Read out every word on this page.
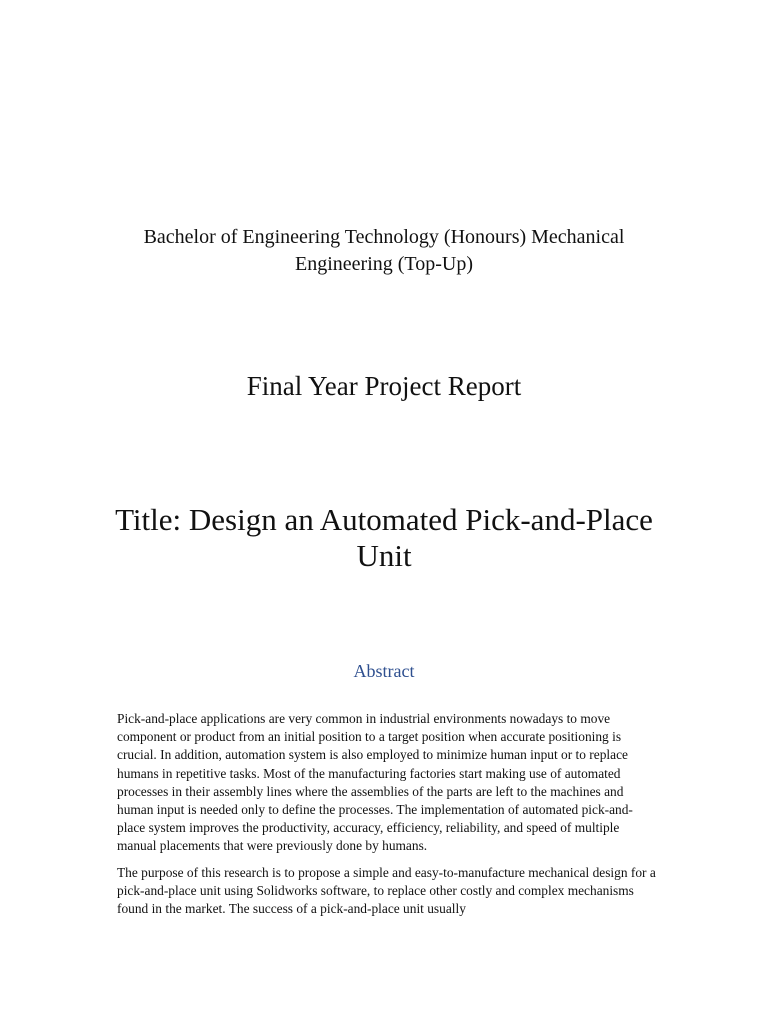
Bachelor of Engineering Technology (Honours) Mechanical Engineering (Top-Up)
Final Year Project Report
Title: Design an Automated Pick-and-Place Unit
Abstract

Pick-and-place applications are very common in industrial environments nowadays to move component or product from an initial position to a target position when accurate positioning is crucial. In addition, automation system is also employed to minimize human input or to replace humans in repetitive tasks. Most of the manufacturing factories start making use of automated processes in their assembly lines where the assemblies of the parts are left to the machines and human input is needed only to define the processes. The implementation of automated pick-and-place system improves the productivity, accuracy, efficiency, reliability, and speed of multiple manual placements that were previously done by humans.

The purpose of this research is to propose a simple and easy-to-manufacture mechanical design for a pick-and-place unit using Solidworks software, to replace other costly and complex mechanisms found in the market. The success of a pick-and-place unit usually
